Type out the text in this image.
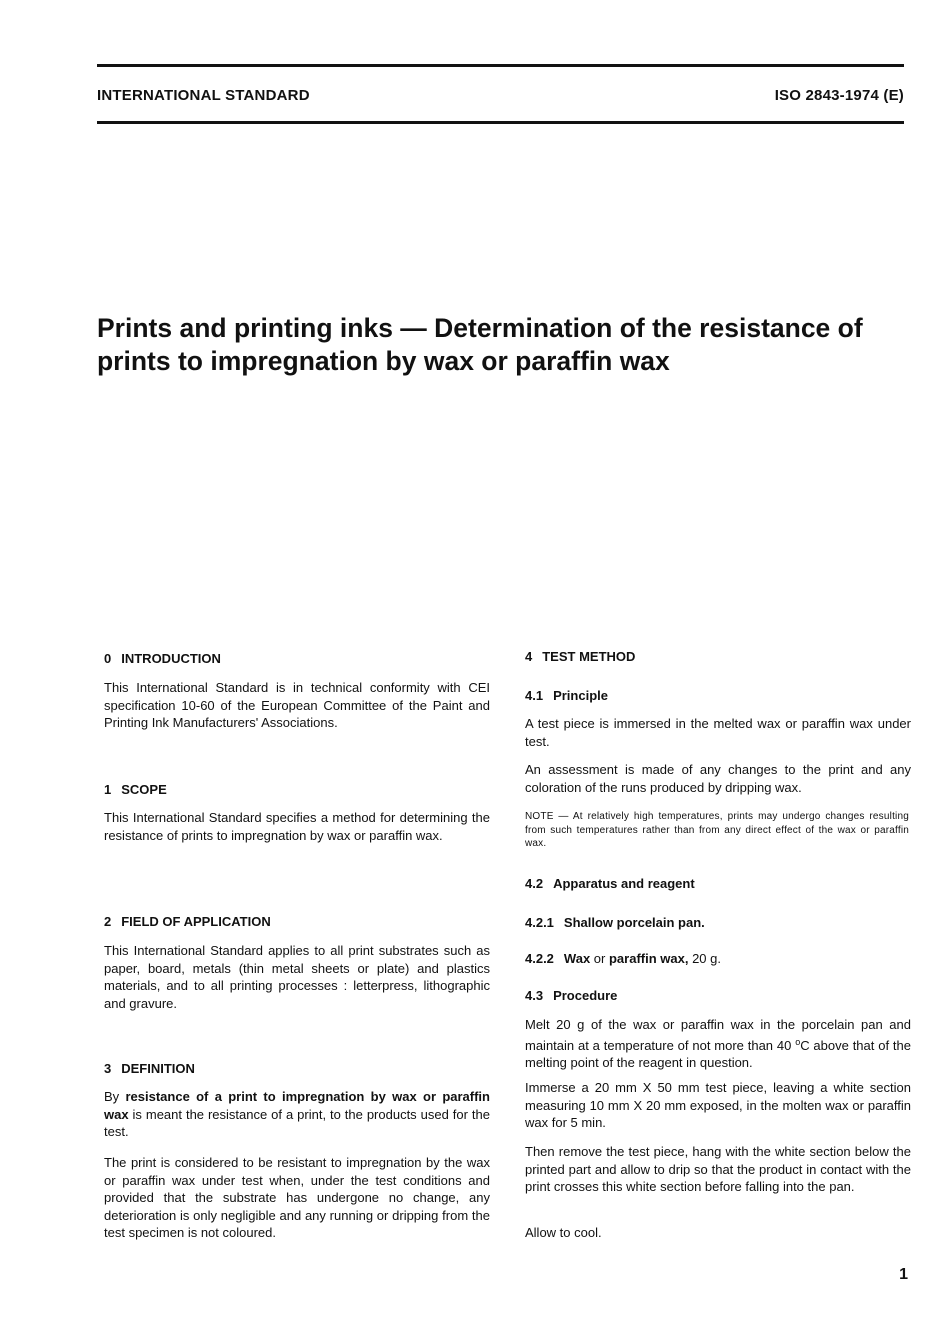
INTERNATIONAL STANDARD	ISO 2843-1974 (E)
Prints and printing inks — Determination of the resistance of
prints to impregnation by wax or paraffin wax
0 INTRODUCTION

This International Standard is in technical conformity with CEI specification 10-60 of the European Committee of the Paint and Printing Ink Manufacturers' Associations.

1 SCOPE

This International Standard specifies a method for determining the resistance of prints to impregnation by wax or paraffin wax.

2 FIELD OF APPLICATION

This International Standard applies to all print substrates such as paper, board, metals (thin metal sheets or plate) and plastics materials, and to all printing processes : letterpress, lithographic and gravure.

3 DEFINITION

By resistance of a print to impregnation by wax or paraffin wax is meant the resistance of a print, to the products used for the test.

The print is considered to be resistant to impregnation by the wax or paraffin wax under test when, under the test conditions and provided that the substrate has undergone no change, any deterioration is only negligible and any running or dripping from the test specimen is not coloured.

4 TEST METHOD
4.1 Principle

A test piece is immersed in the melted wax or paraffin wax under test.

An assessment is made of any changes to the print and any coloration of the runs produced by dripping wax.

NOTE — At relatively high temperatures, prints may undergo changes resulting from such temperatures rather than from any direct effect of the wax or paraffin wax.

4.2 Apparatus and reagent
4.2.1 Shallow porcelain pan.
4.2.2 Wax or paraffin wax, 20 g.
4.3 Procedure

Melt 20 g of the wax or paraffin wax in the porcelain pan and maintain at a temperature of not more than 40 $^o$C above that of the melting point of the reagent in question.

Immerse a 20 mm X 50 mm test piece, leaving a white section measuring 10 mm X 20 mm exposed, in the molten wax or paraffin wax for 5 min.

Then remove the test piece, hang with the white section below the printed part and allow to drip so that the product in contact with the print crosses this white section before falling into the pan.

Allow to cool.

1
